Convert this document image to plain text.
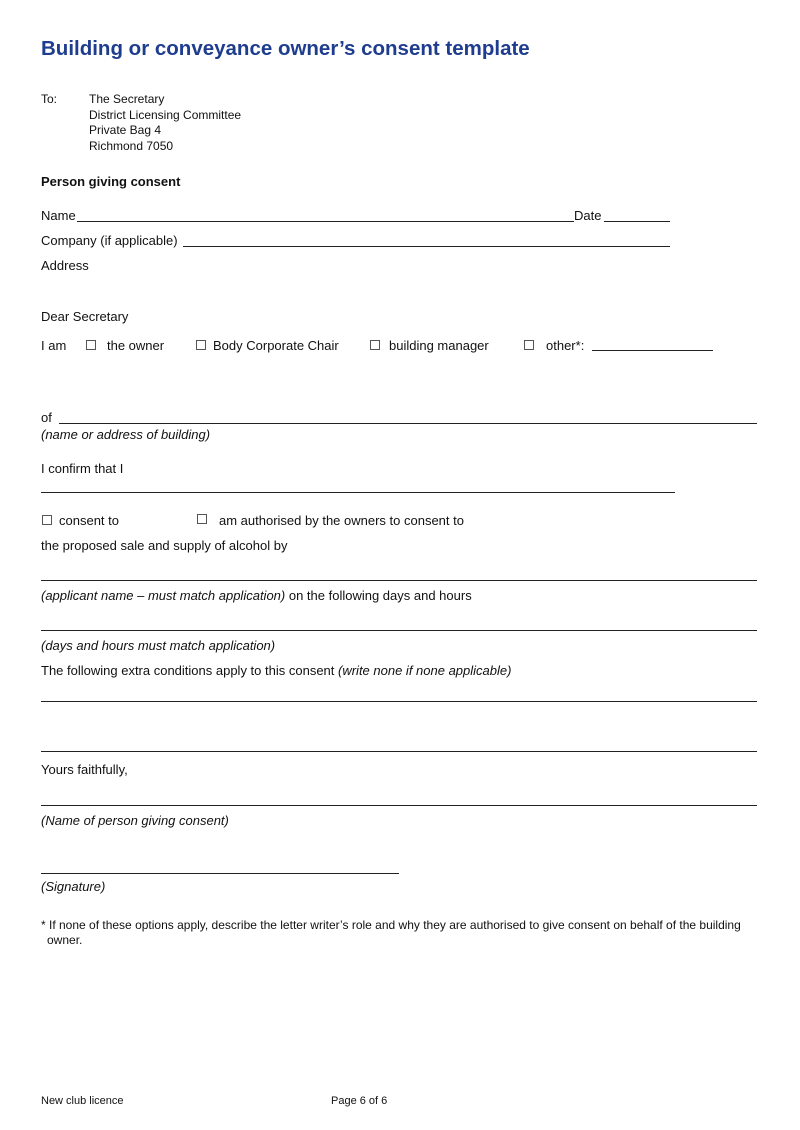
Building or conveyance owner’s consent template
To:	The Secretary
District Licensing Committee
Private Bag 4
Richmond 7050
Person giving consent
Name	Date
Company (if applicable)
Address
Dear Secretary
I am	the owner	Body Corporate Chair	building manager	other*:
of
(name or address of building)
I confirm that I
consent to	am authorised by the owners to consent to
the proposed sale and supply of alcohol by
(applicant name – must match application) on the following days and hours
(days and hours must match application)
The following extra conditions apply to this consent (write none if none applicable)
Yours faithfully,
(Name of person giving consent)
(Signature)
* If none of these options apply, describe the letter writer’s role and why they are authorised to give consent on behalf of the building
owner.
New club licence	Page 6 of 6
